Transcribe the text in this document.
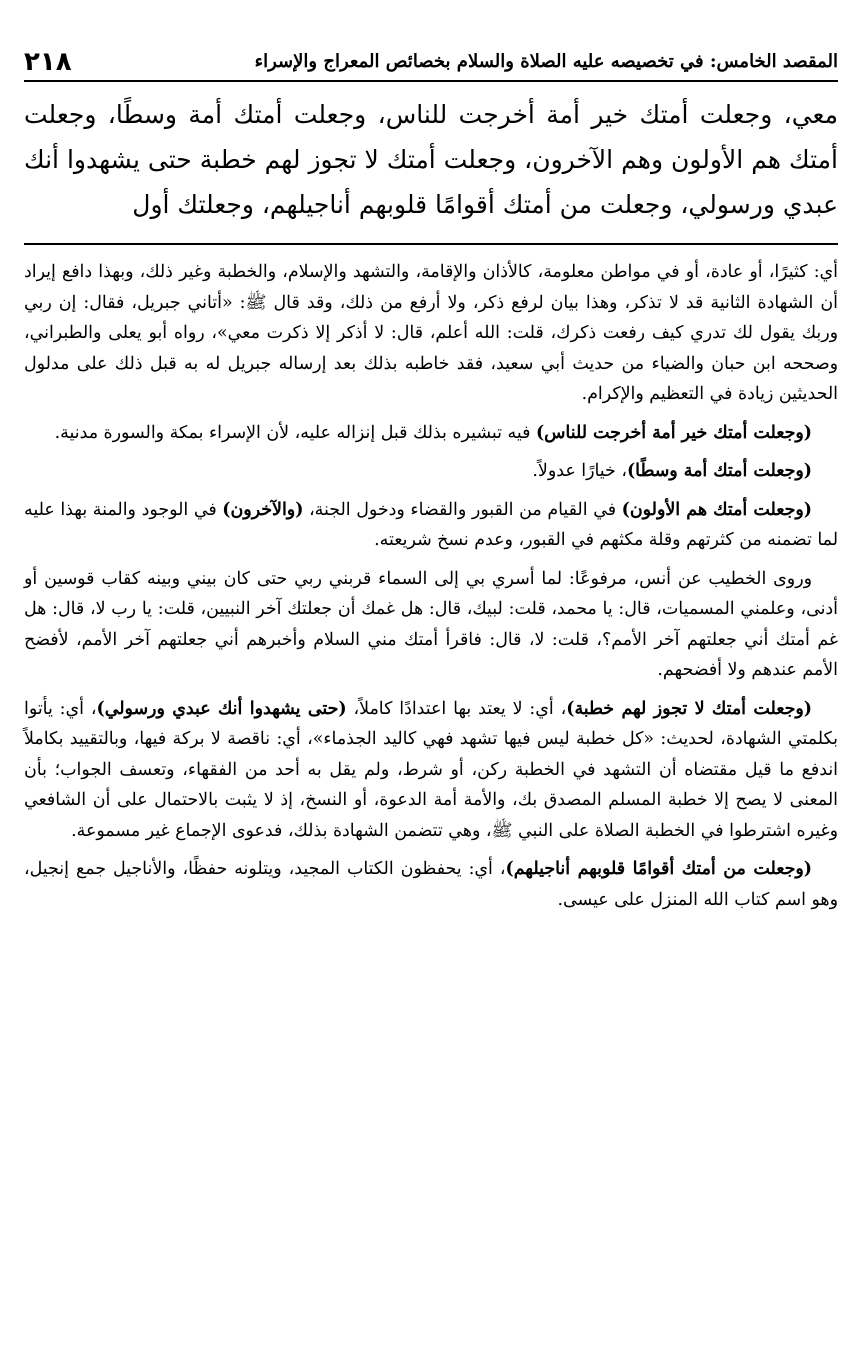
المقصد الخامس: في تخصيصه عليه الصلاة والسلام بخصائص المعراج والإسراء
٢١٨

معي، وجعلت أمتك خير أمة أخرجت للناس، وجعلت أمتك أمة وسطًا، وجعلت أمتك هم الأولون وهم الآخرون، وجعلت أمتك لا تجوز لهم خطبة حتى يشهدوا أنك عبدي ورسولي، وجعلت من أمتك أقوامًا قلوبهم أناجيلهم، وجعلتك أول

أي: كثيرًا، أو عادة، أو في مواطن معلومة، كالأذان والإقامة، والتشهد والإسلام، والخطبة وغير ذلك، وبهذا دافع إيراد أن الشهادة الثانية قد لا تذكر، وهذا بيان لرفع ذكر، ولا أرفع من ذلك، وقد قال ﷺ: «أتاني جبريل، فقال: إن ربي وربك يقول لك تدري كيف رفعت ذكرك، قلت: الله أعلم، قال: لا أذكر إلا ذكرت معي»، رواه أبو يعلى والطبراني، وصححه ابن حبان والضياء من حديث أبي سعيد، فقد خاطبه بذلك بعد إرساله جبريل له به قبل ذلك على مدلول الحديثين زيادة في التعظيم والإكرام.

(وجعلت أمتك خير أمة أخرجت للناس) فيه تبشيره بذلك قبل إنزاله عليه، لأن الإسراء بمكة والسورة مدنية.

(وجعلت أمتك أمة وسطًا)، خيارًا عدولاً.

(وجعلت أمتك هم الأولون) في القيام من القبور والقضاء ودخول الجنة، (والآخرون) في الوجود والمنة بهذا عليه لما تضمنه من كثرتهم وقلة مكثهم في القبور، وعدم نسخ شريعته.

وروى الخطيب عن أنس، مرفوعًا: لما أسري بي إلى السماء قربني ربي حتى كان بيني وبينه كقاب قوسين أو أدنى، وعلمني المسميات، قال: يا محمد، قلت: لبيك، قال: هل غمك أن جعلتك آخر النبيين، قلت: يا رب لا، قال: هل غم أمتك أني جعلتهم آخر الأمم؟، قلت: لا، قال: فاقرأ أمتك مني السلام وأخبرهم أني جعلتهم آخر الأمم، لأفضح الأمم عندهم ولا أفضحهم.

(وجعلت أمتك لا تجوز لهم خطبة)، أي: لا يعتد بها اعتدادًا كاملاً، (حتى يشهدوا أنك عبدي ورسولي)، أي: يأتوا بكلمتي الشهادة، لحديث: «كل خطبة ليس فيها تشهد فهي كاليد الجذماء»، أي: ناقصة لا بركة فيها، وبالتقييد بكاملاً اندفع ما قيل مقتضاه أن التشهد في الخطبة ركن، أو شرط، ولم يقل به أحد من الفقهاء، وتعسف الجواب؛ بأن المعنى لا يصح إلا خطبة المسلم المصدق بك، والأمة أمة الدعوة، أو النسخ، إذ لا يثبت بالاحتمال على أن الشافعي وغيره اشترطوا في الخطبة الصلاة على النبي ﷺ، وهي تتضمن الشهادة بذلك، فدعوى الإجماع غير مسموعة.

(وجعلت من أمتك أقوامًا قلوبهم أناجيلهم)، أي: يحفظون الكتاب المجيد، ويتلونه حفظًا، والأناجيل جمع إنجيل، وهو اسم كتاب الله المنزل على عيسى.
